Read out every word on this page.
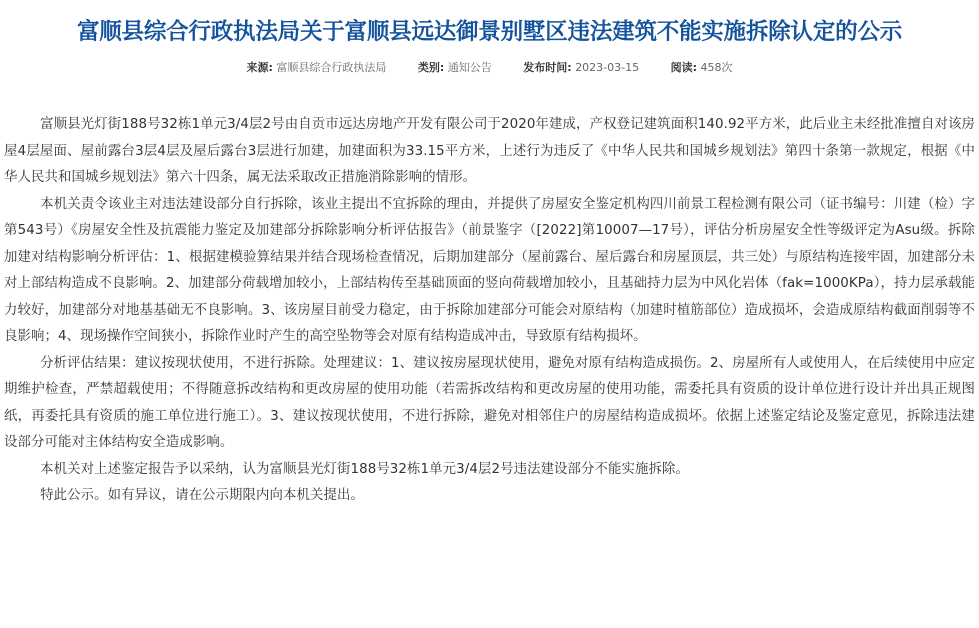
富顺县综合行政执法局关于富顺县远达御景别墅区违法建筑不能实施拆除认定的公示
来源: 富顺县综合行政执法局	类别: 通知公告	发布时间: 2023-03-15	阅读: 458次

富顺县光灯街188号32栋1单元3/4层2号由自贡市远达房地产开发有限公司于2020年建成，产权登记建筑面积140.92平方米，此后业主未经批准擅自对该房屋4层屋面、屋前露台3层4层及屋后露台3层进行加建，加建面积为33.15平方米，上述行为违反了《中华人民共和国城乡规划法》第四十条第一款规定，根据《中华人民共和国城乡规划法》第六十四条，属无法采取改正措施消除影响的情形。

本机关责令该业主对违法建设部分自行拆除，该业主提出不宜拆除的理由，并提供了房屋安全鉴定机构四川前景工程检测有限公司（证书编号：川建（检）字第543号）《房屋安全性及抗震能力鉴定及加建部分拆除影响分析评估报告》（前景鉴字（[2022]第10007—17号），评估分析房屋安全性等级评定为Asu级。拆除加建对结构影响分析评估：1、根据建模验算结果并结合现场检查情况，后期加建部分（屋前露台、屋后露台和房屋顶层，共三处）与原结构连接牢固，加建部分未对上部结构造成不良影响。2、加建部分荷载增加较小，上部结构传至基础顶面的竖向荷载增加较小，且基础持力层为中风化岩体（fak=1000KPa），持力层承载能力较好，加建部分对地基基础无不良影响。3、该房屋目前受力稳定，由于拆除加建部分可能会对原结构（加建时植筋部位）造成损坏，会造成原结构截面削弱等不良影响；4、现场操作空间狭小，拆除作业时产生的高空坠物等会对原有结构造成冲击，导致原有结构损坏。

分析评估结果：建议按现状使用，不进行拆除。处理建议：1、建议按房屋现状使用，避免对原有结构造成损伤。2、房屋所有人或使用人，在后续使用中应定期维护检查，严禁超载使用；不得随意拆改结构和更改房屋的使用功能（若需拆改结构和更改房屋的使用功能，需委托具有资质的设计单位进行设计并出具正规图纸，再委托具有资质的施工单位进行施工）。3、建议按现状使用，不进行拆除，避免对相邻住户的房屋结构造成损坏。依据上述鉴定结论及鉴定意见，拆除违法建设部分可能对主体结构安全造成影响。

本机关对上述鉴定报告予以采纳，认为富顺县光灯街188号32栋1单元3/4层2号违法建设部分不能实施拆除。

特此公示。如有异议，请在公示期限内向本机关提出。
